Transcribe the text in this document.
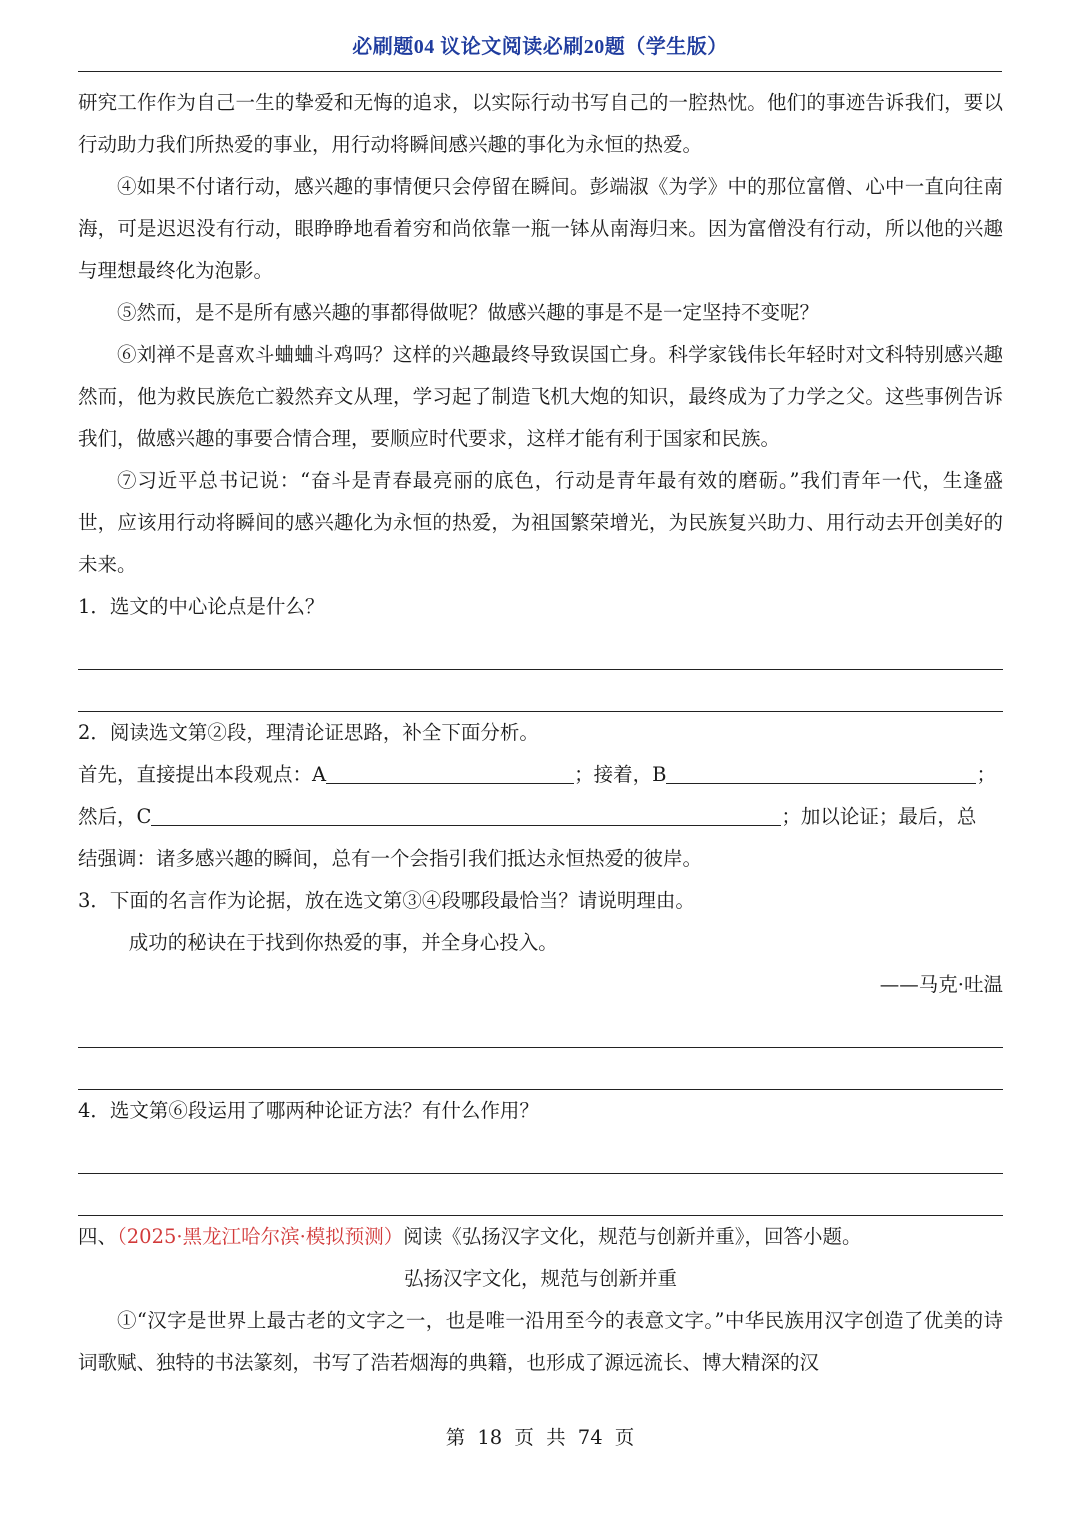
必刷题04 议论文阅读必刷20题（学生版）

研究工作作为自己一生的挚爱和无悔的追求，以实际行动书写自己的一腔热忱。他们的事迹告诉我们，要以行动助力我们所热爱的事业，用行动将瞬间感兴趣的事化为永恒的热爱。

④如果不付诸行动，感兴趣的事情便只会停留在瞬间。彭端淑《为学》中的那位富僧、心中一直向往南海，可是迟迟没有行动，眼睁睁地看着穷和尚依靠一瓶一钵从南海归来。因为富僧没有行动，所以他的兴趣与理想最终化为泡影。

⑤然而，是不是所有感兴趣的事都得做呢？做感兴趣的事是不是一定坚持不变呢？

⑥刘禅不是喜欢斗蛐蛐斗鸡吗？这样的兴趣最终导致误国亡身。科学家钱伟长年轻时对文科特别感兴趣然而，他为救民族危亡毅然弃文从理，学习起了制造飞机大炮的知识，最终成为了力学之父。这些事例告诉我们，做感兴趣的事要合情合理，要顺应时代要求，这样才能有利于国家和民族。

⑦习近平总书记说：“奋斗是青春最亮丽的底色，行动是青年最有效的磨砺。”我们青年一代，生逢盛世，应该用行动将瞬间的感兴趣化为永恒的热爱，为祖国繁荣增光，为民族复兴助力、用行动去开创美好的未来。

1．选文的中心论点是什么？

2．阅读选文第②段，理清论证思路，补全下面分析。

首先，直接提出本段观点：A	；接着，B	；

然后，C	；加以论证；最后，总

结强调：诸多感兴趣的瞬间，总有一个会指引我们抵达永恒热爱的彼岸。

3．下面的名言作为论据，放在选文第③④段哪段最恰当？请说明理由。

成功的秘诀在于找到你热爱的事，并全身心投入。

——马克·吐温

4．选文第⑥段运用了哪两种论证方法？有什么作用？

四、（2025·黑龙江哈尔滨·模拟预测）阅读《弘扬汉字文化，规范与创新并重》，回答小题。

弘扬汉字文化，规范与创新并重

①“汉字是世界上最古老的文字之一，也是唯一沿用至今的表意文字。”中华民族用汉字创造了优美的诗词歌赋、独特的书法篆刻，书写了浩若烟海的典籍，也形成了源远流长、博大精深的汉

第 18 页 共 74 页
